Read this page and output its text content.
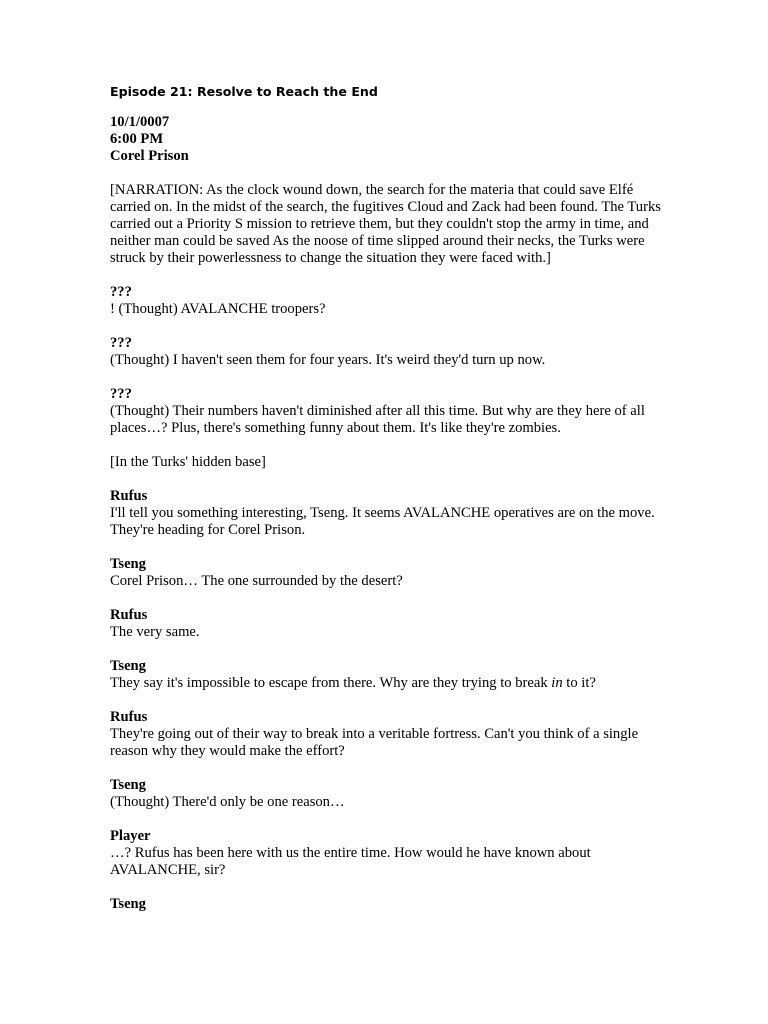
Episode 21: Resolve to Reach the End
10/1/0007
6:00 PM
Corel Prison
[NARRATION: As the clock wound down, the search for the materia that could save Elfé carried on. In the midst of the search, the fugitives Cloud and Zack had been found. The Turks carried out a Priority S mission to retrieve them, but they couldn't stop the army in time, and neither man could be saved As the noose of time slipped around their necks, the Turks were struck by their powerlessness to change the situation they were faced with.]
???
! (Thought) AVALANCHE troopers?
???
(Thought) I haven't seen them for four years. It's weird they'd turn up now.
???
(Thought) Their numbers haven't diminished after all this time. But why are they here of all places…? Plus, there's something funny about them. It's like they're zombies.
[In the Turks' hidden base]
Rufus
I'll tell you something interesting, Tseng. It seems AVALANCHE operatives are on the move. They're heading for Corel Prison.
Tseng
Corel Prison… The one surrounded by the desert?
Rufus
The very same.
Tseng
They say it's impossible to escape from there. Why are they trying to break in to it?
Rufus
They're going out of their way to break into a veritable fortress. Can't you think of a single reason why they would make the effort?
Tseng
(Thought) There'd only be one reason…
Player
…? Rufus has been here with us the entire time. How would he have known about AVALANCHE, sir?
Tseng
